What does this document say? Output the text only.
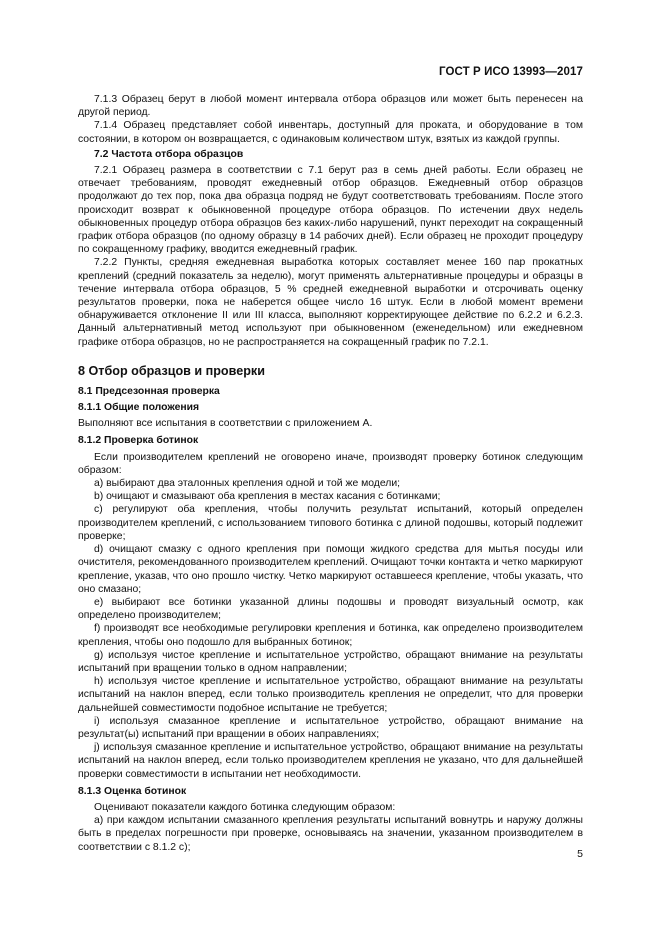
ГОСТ Р ИСО 13993—2017

7.1.3 Образец берут в любой момент интервала отбора образцов или может быть перенесен на другой период.

7.1.4 Образец представляет собой инвентарь, доступный для проката, и оборудование в том состоянии, в котором он возвращается, с одинаковым количеством штук, взятых из каждой группы.

7.2 Частота отбора образцов

7.2.1 Образец размера в соответствии с 7.1 берут раз в семь дней работы. Если образец не отвечает требованиям, проводят ежедневный отбор образцов. Ежедневный отбор образцов продолжают до тех пор, пока два образца подряд не будут соответствовать требованиям. После этого происходит возврат к обыкновенной процедуре отбора образцов. По истечении двух недель обыкновенных процедур отбора образцов без каких-либо нарушений, пункт переходит на сокращенный график отбора образцов (по одному образцу в 14 рабочих дней). Если образец не проходит процедуру по сокращенному графику, вводится ежедневный график.

7.2.2 Пункты, средняя ежедневная выработка которых составляет менее 160 пар прокатных креплений (средний показатель за неделю), могут применять альтернативные процедуры и образцы в течение интервала отбора образцов, 5 % средней ежедневной выработки и отсрочивать оценку результатов проверки, пока не наберется общее число 16 штук. Если в любой момент времени обнаруживается отклонение II или III класса, выполняют корректирующее действие по 6.2.2 и 6.2.3. Данный альтернативный метод используют при обыкновенном (еженедельном) или ежедневном графике отбора образцов, но не распространяется на сокращенный график по 7.2.1.

8 Отбор образцов и проверки
8.1 Предсезонная проверка
8.1.1 Общие положения

Выполняют все испытания в соответствии с приложением А.

8.1.2 Проверка ботинок

Если производителем креплений не оговорено иначе, производят проверку ботинок следующим образом:

a) выбирают два эталонных крепления одной и той же модели;

b) очищают и смазывают оба крепления в местах касания с ботинками;

c) регулируют оба крепления, чтобы получить результат испытаний, который определен производителем креплений, с использованием типового ботинка с длиной подошвы, который подлежит проверке;

d) очищают смазку с одного крепления при помощи жидкого средства для мытья посуды или очистителя, рекомендованного производителем креплений. Очищают точки контакта и четко маркируют крепление, указав, что оно прошло чистку. Четко маркируют оставшееся крепление, чтобы указать, что оно смазано;

e) выбирают все ботинки указанной длины подошвы и проводят визуальный осмотр, как определено производителем;

f) производят все необходимые регулировки крепления и ботинка, как определено производителем крепления, чтобы оно подошло для выбранных ботинок;

g) используя чистое крепление и испытательное устройство, обращают внимание на результаты испытаний при вращении только в одном направлении;

h) используя чистое крепление и испытательное устройство, обращают внимание на результаты испытаний на наклон вперед, если только производитель крепления не определит, что для проверки дальнейшей совместимости подобное испытание не требуется;

i) используя смазанное крепление и испытательное устройство, обращают внимание на результат(ы) испытаний при вращении в обоих направлениях;

j) используя смазанное крепление и испытательное устройство, обращают внимание на результаты испытаний на наклон вперед, если только производителем крепления не указано, что для дальнейшей проверки совместимости в испытании нет необходимости.

8.1.3 Оценка ботинок

Оценивают показатели каждого ботинка следующим образом:

a) при каждом испытании смазанного крепления результаты испытаний вовнутрь и наружу должны быть в пределах погрешности при проверке, основываясь на значении, указанном производителем в соответствии с 8.1.2 c);

5
